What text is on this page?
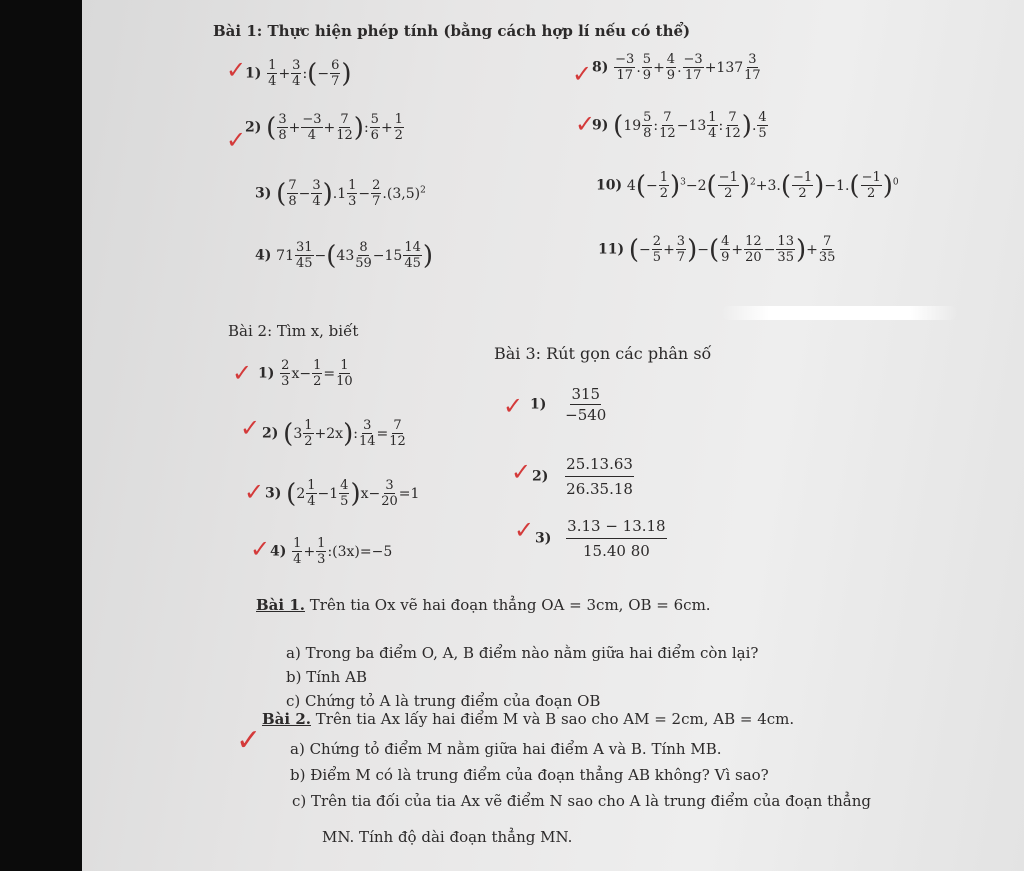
Bài 1: Thực hiện phép tính (bằng cách hợp lí nếu có thể)
✓
✓
✓
✓
✓
✓
✓
✓
✓
✓
✓
✓
$1) \frac{1}{4} + \frac{3}{4}$ :(− $\frac{6}{7}$ )
2) ( $\frac{3}{8} + \frac{-3}{4} + \frac{7}{12}$ ): $\frac{5}{6} + \frac{1}{2}$
3) ( $\frac{7}{8} - \frac{3}{4} ).1 \frac{1}{3} - \frac{2}{7} .(3,5)^2$
4) $71 \frac{31}{45} -(43 \frac{8}{59} -15 \frac{14}{45}$ )
$8) \frac{-3}{17}$ . $\frac{5}{9} + \frac{4}{9}$ . $\frac{-3}{17} +137 \frac{3}{17}$
9) ($19 \frac{5}{8}$ : $\frac{7}{12} -13 \frac{1}{4}$ : $\frac{7}{12}$ ). $\frac{4}{5}$
10) $4(- \frac{1}{2} )^3-2( \frac{-1}{2} )^2+3.( \frac{-1}{2} )-1.( \frac{-1}{2} )^0$
11) (− $\frac{2}{5} + \frac{3}{7}$ )−( $\frac{4}{9} + \frac{12}{20} - \frac{13}{35}$ )+ $\frac{7}{35}$
Bài 2: Tìm x, biết
$1) \frac{2}{3} x- \frac{1}{2} = \frac{1}{10}$
2) $(3 \frac{1}{2} +2x)$: $\frac{3}{14} = \frac{7}{12}$
3) $(2 \frac{1}{4} -1 \frac{4}{5} )x- \frac{3}{20} =1$
$4) \frac{1}{4} + \frac{1}{3}$ :(3x)=−5
Bài 3: Rút gọn các phân số
$1) \frac{315}{-540}$
$2) \frac{25.13.63}{26.35.18}$
$3) \frac{3.13 - 13.18}{15.40 80}$
Bài 1. Trên tia Ox vẽ hai đoạn thẳng OA = 3cm, OB = 6cm.
a) Trong ba điểm O, A, B điểm nào nằm giữa hai điểm còn lại?
b) Tính AB
c) Chứng tỏ A là trung điểm của đoạn OB
Bài 2. Trên tia Ax lấy hai điểm M và B sao cho AM = 2cm, AB = 4cm.
a) Chứng tỏ điểm M nằm giữa hai điểm A và B. Tính MB.
b) Điểm M có là trung điểm của đoạn thẳng AB không? Vì sao?
c) Trên tia đối của tia Ax vẽ điểm N sao cho A là trung điểm của đoạn thẳng
MN. Tính độ dài đoạn thẳng MN.
